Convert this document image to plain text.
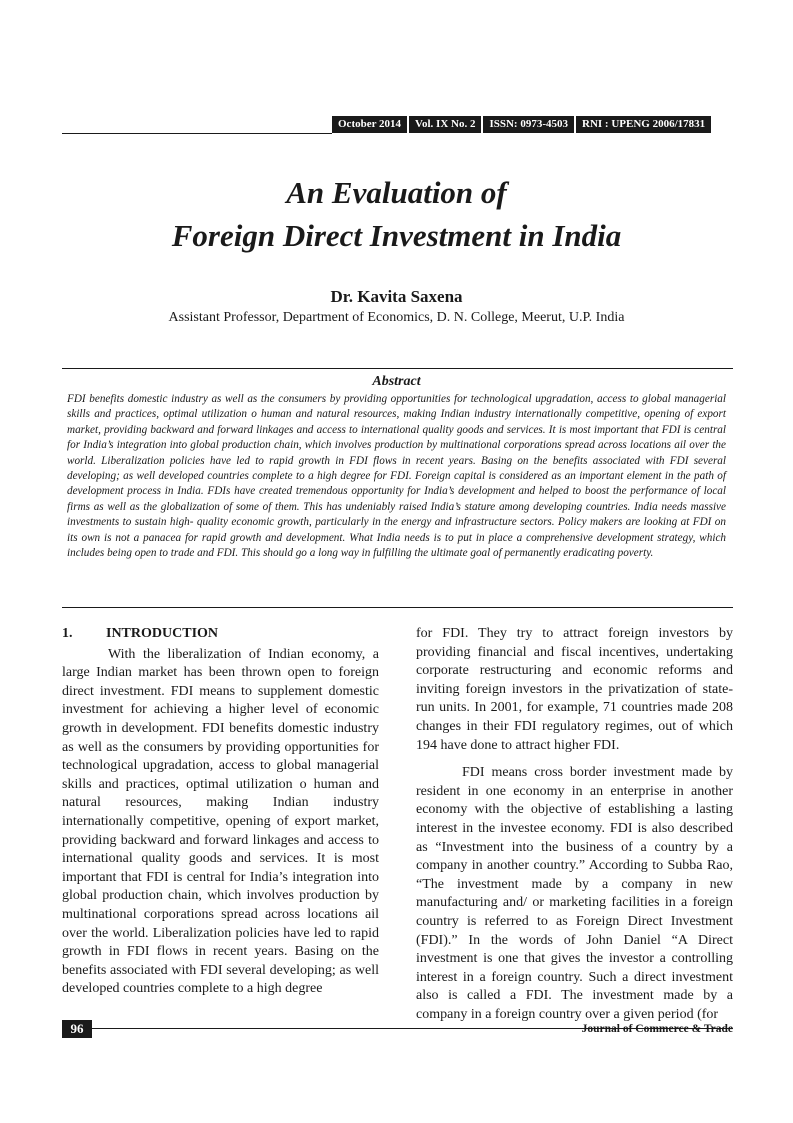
October 2014	Vol. IX No. 2	ISSN: 0973-4503	RNI : UPENG 2006/17831
An Evaluation of
Foreign Direct Investment in India
Dr. Kavita Saxena
Assistant Professor, Department of Economics, D. N. College, Meerut, U.P. India
Abstract
FDI benefits domestic industry as well as the consumers by providing opportunities for technological upgradation, access to global managerial skills and practices, optimal utilization o human and natural resources, making Indian industry internationally competitive, opening of export market, providing backward and forward linkages and access to international quality goods and services. It is most important that FDI is central for India’s integration into global production chain, which involves production by multinational corporations spread across locations ail over the world. Liberalization policies have led to rapid growth in FDI flows in recent years. Basing on the benefits associated with FDI several developing; as well developed countries complete to a high degree for FDI. Foreign capital is considered as an important element in the path of development process in India. FDIs have created tremendous opportunity for India’s development and helped to boost the performance of local firms as well as the globalization of some of them. This has undeniably raised India’s stature among developing countries. India needs massive investments to sustain high- quality economic growth, particularly in the energy and infrastructure sectors. Policy makers are looking at FDI on its own is not a panacea for rapid growth and development. What India needs is to put in place a comprehensive development strategy, which includes being open to trade and FDI. This should go a long way in fulfilling the ultimate goal of permanently eradicating poverty.
1.	INTRODUCTION

With the liberalization of Indian economy, a large Indian market has been thrown open to foreign direct investment. FDI means to supplement domestic investment for achieving a higher level of economic growth in development. FDI benefits domestic industry as well as the consumers by providing opportunities for technological upgradation, access to global managerial skills and practices, optimal utilization o human and natural resources, making Indian industry internationally competitive, opening of export market, providing backward and forward linkages and access to international quality goods and services. It is most important that FDI is central for India’s integration into global production chain, which involves production by multinational corporations spread across locations ail over the world. Liberalization policies have led to rapid growth in FDI flows in recent years. Basing on the benefits associated with FDI several developing; as well developed countries complete to a high degree

for FDI. They try to attract foreign investors by providing financial and fiscal incentives, undertaking corporate restructuring and economic reforms and inviting foreign investors in the privatization of state-run units. In 2001, for example, 71 countries made 208 changes in their FDI regulatory regimes, out of which 194 have done to attract higher FDI.

FDI means cross border investment made by resident in one economy in an enterprise in another economy with the objective of establishing a lasting interest in the investee economy. FDI is also described as “Investment into the business of a country by a company in another country.” According to Subba Rao, “The investment made by a company in new manufacturing and/ or marketing facilities in a foreign country is referred to as Foreign Direct Investment (FDI).” In the words of John Daniel “A Direct investment is one that gives the investor a controlling interest in a foreign country. Such a direct investment also is called a FDI. The investment made by a company in a foreign country over a given period (for

96	Journal of Commerce & Trade
